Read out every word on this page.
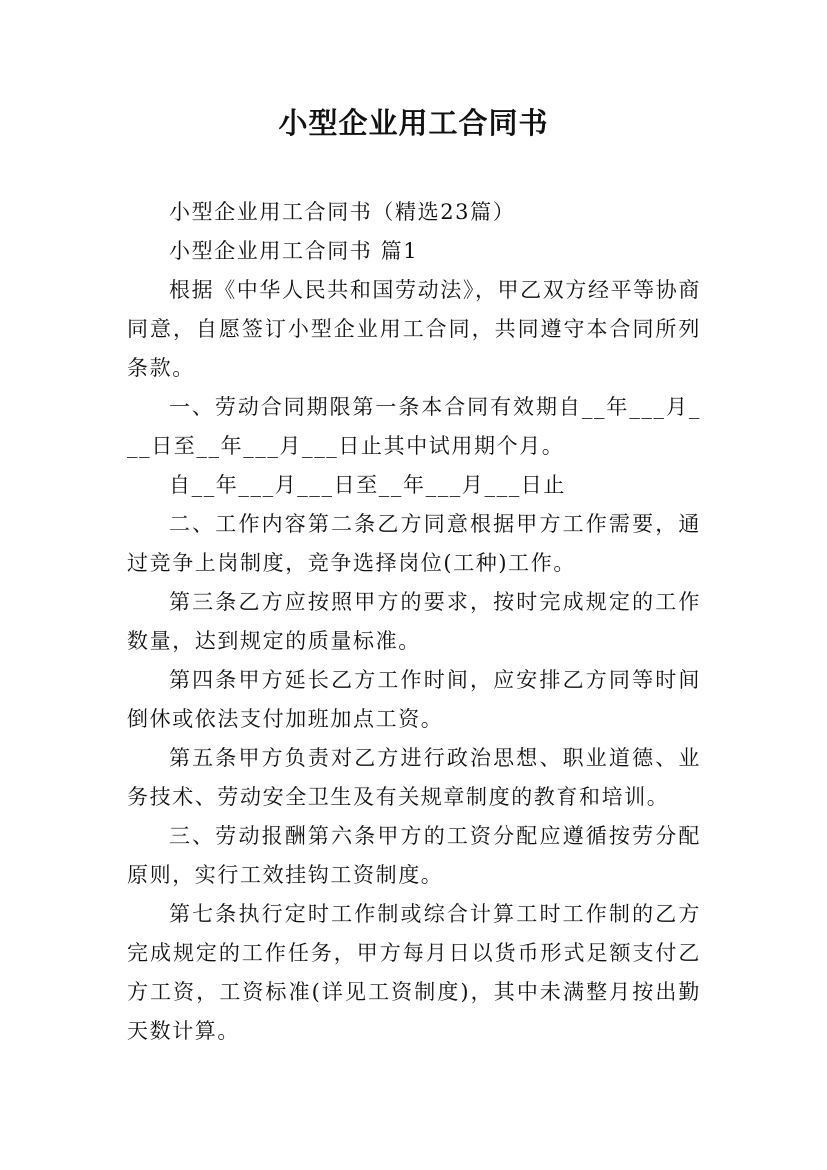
小型企业用工合同书

小型企业用工合同书（精选23篇）

小型企业用工合同书 篇1

根据《中华人民共和国劳动法》，甲乙双方经平等协商同意，自愿签订小型企业用工合同，共同遵守本合同所列条款。

一、劳动合同期限第一条本合同有效期自__年___月___日至__年___月___日止其中试用期个月。

自__年___月___日至__年___月___日止

二、工作内容第二条乙方同意根据甲方工作需要，通过竞争上岗制度，竞争选择岗位(工种)工作。

第三条乙方应按照甲方的要求，按时完成规定的工作数量，达到规定的质量标准。

第四条甲方延长乙方工作时间，应安排乙方同等时间倒休或依法支付加班加点工资。

第五条甲方负责对乙方进行政治思想、职业道德、业务技术、劳动安全卫生及有关规章制度的教育和培训。

三、劳动报酬第六条甲方的工资分配应遵循按劳分配原则，实行工效挂钩工资制度。

第七条执行定时工作制或综合计算工时工作制的乙方完成规定的工作任务，甲方每月日以货币形式足额支付乙方工资，工资标准(详见工资制度)，其中未满整月按出勤天数计算。
